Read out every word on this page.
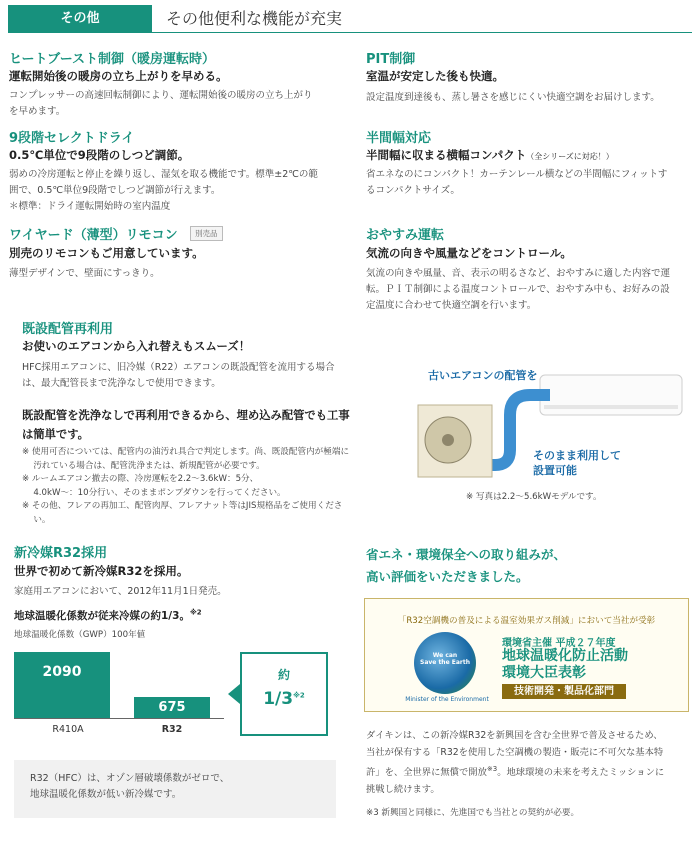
その他	その他便利な機能が充実
ヒートブースト制御（暖房運転時）
運転開始後の暖房の立ち上がりを早める。
コンプレッサーの高速回転制御により、運転開始後の暖房の立ち上がり
を早めます。
PIT制御
室温が安定した後も快適。
設定温度到達後も、蒸し暑さを感じにくい快適空調をお届けします。
9段階セレクトドライ
0.5℃単位で9段階のしつど調節。
弱めの冷房運転と停止を繰り返し、湿気を取る機能です。標準±2℃の範
囲で、0.5℃単位9段階でしつど調節が行えます。
＊標準：ドライ運転開始時の室内温度
半間幅対応
半間幅に収まる横幅コンパクト（全シリーズに対応！）
省エネなのにコンパクト！カーテンレール横などの半間幅にフィットす
るコンパクトサイズ。
ワイヤード（薄型）リモコン	別売品
別売のリモコンもご用意しています。
薄型デザインで、壁面にすっきり。
おやすみ運転
気流の向きや風量などをコントロール。
気流の向きや風量、音、表示の明るさなど、おやすみに適した内容で運
転。ＰＩＴ制御による温度コントロールで、おやすみ中も、お好みの設
定温度に合わせて快適空調を行います。
既設配管再利用
お使いのエアコンから入れ替えもスムーズ！
HFC採用エアコンに、旧冷媒（R22）エアコンの既設配管を流用する場合
は、最大配管長まで洗浄なしで使用できます。
既設配管を洗浄なしで再利用できるから、埋め込み配管でも工事
は簡単です。
※ 使用可否については、配管内の油汚れ具合で判定します。尚、既設配管内が極端に
　 汚れている場合は、配管洗浄または、新規配管が必要です。
※ ルームエアコン撤去の際、冷房運転を2.2～3.6kW：5分、
　 4.0kW～：10分行い、そのままポンプダウンを行ってください。
※ その他、フレアの再加工、配管肉厚、フレアナット等はJIS規格品をご使用くださ
　 い。
古いエアコンの配管を
そのまま利用して
設置可能
※ 写真は2.2～5.6kWモデルです。
新冷媒R32採用
世界で初めて新冷媒R32を採用。
家庭用エアコンにおいて、2012年11月1日発売。
地球温暖化係数が従来冷媒の約1/3。$^{※2}$
地球温暖化係数（GWP）100年値
2090
675
R410A	R32
約
1/3$^{※2}$
R32（HFC）は、オゾン層破壊係数がゼロで、
地球温暖化係数が低い新冷媒です。
省エネ・環境保全への取り組みが、
高い評価をいただきました。
「R32空調機の普及による温室効果ガス削減」において当社が受彰
We can
Save the Earth
Minister of the Environment
環境省主催 平成２７年度
地球温暖化防止活動
環境大臣表彰
技術開発・製品化部門
ダイキンは、この新冷媒R32を新興国を含む全世界で普及させるため、
当社が保有する「R32を使用した空調機の製造・販売に不可欠な基本特
許」を、全世界に無償で開放$^{※3}$。地球環境の未来を考えたミッションに
挑戦し続けます。
※3 新興国と同様に、先進国でも当社との契約が必要。
